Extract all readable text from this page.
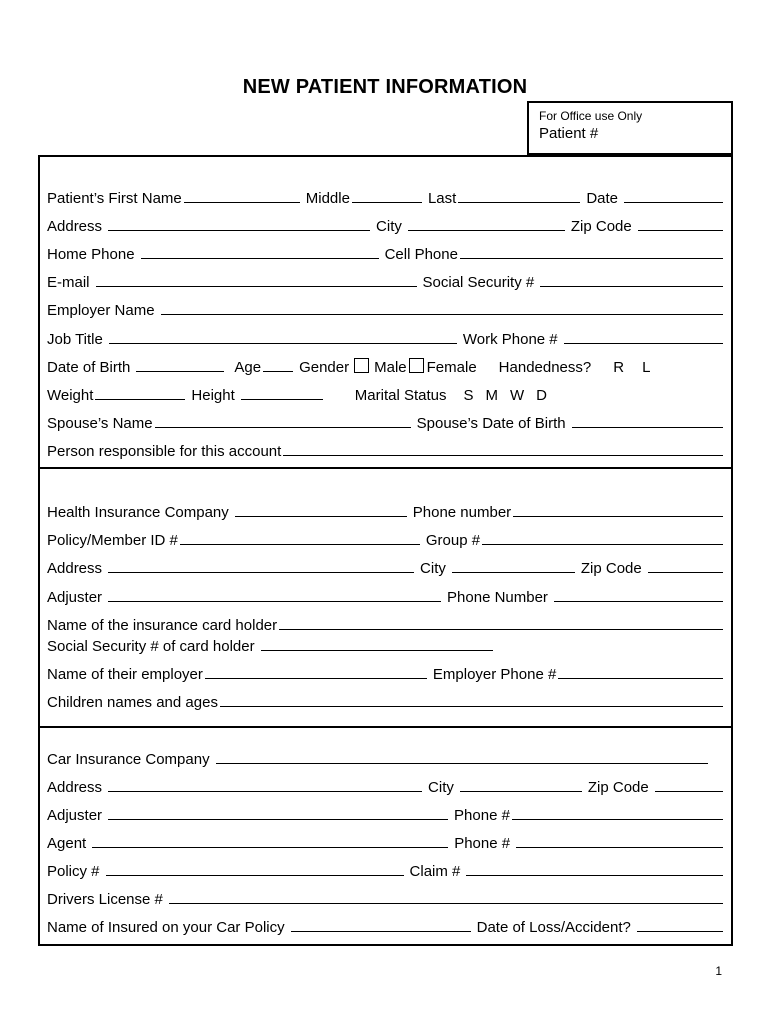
NEW PATIENT INFORMATION
For Office use Only
Patient #
Patient’s First Name	Middle	Last	Date
Address	City	Zip Code
Home Phone	Cell Phone
E-mail	Social Security #
Employer Name
Job Title	Work Phone #
Date of Birth	Age	Gender Male Female Handedness? R L
Weight	Height	Marital Status S M W D
Spouse’s Name	Spouse’s Date of Birth
Person responsible for this account
Health Insurance Company	Phone number
Policy/Member ID #	Group #
Address	City	Zip Code
Adjuster	Phone Number
Name of the insurance card holder
Social Security # of card holder
Name of their employer	Employer Phone #
Children names and ages
Car Insurance Company
Address	City	Zip Code
Adjuster	Phone #
Agent	Phone #
Policy #	Claim #
Drivers License #
Name of Insured on your Car Policy	Date of Loss/Accident?
1
